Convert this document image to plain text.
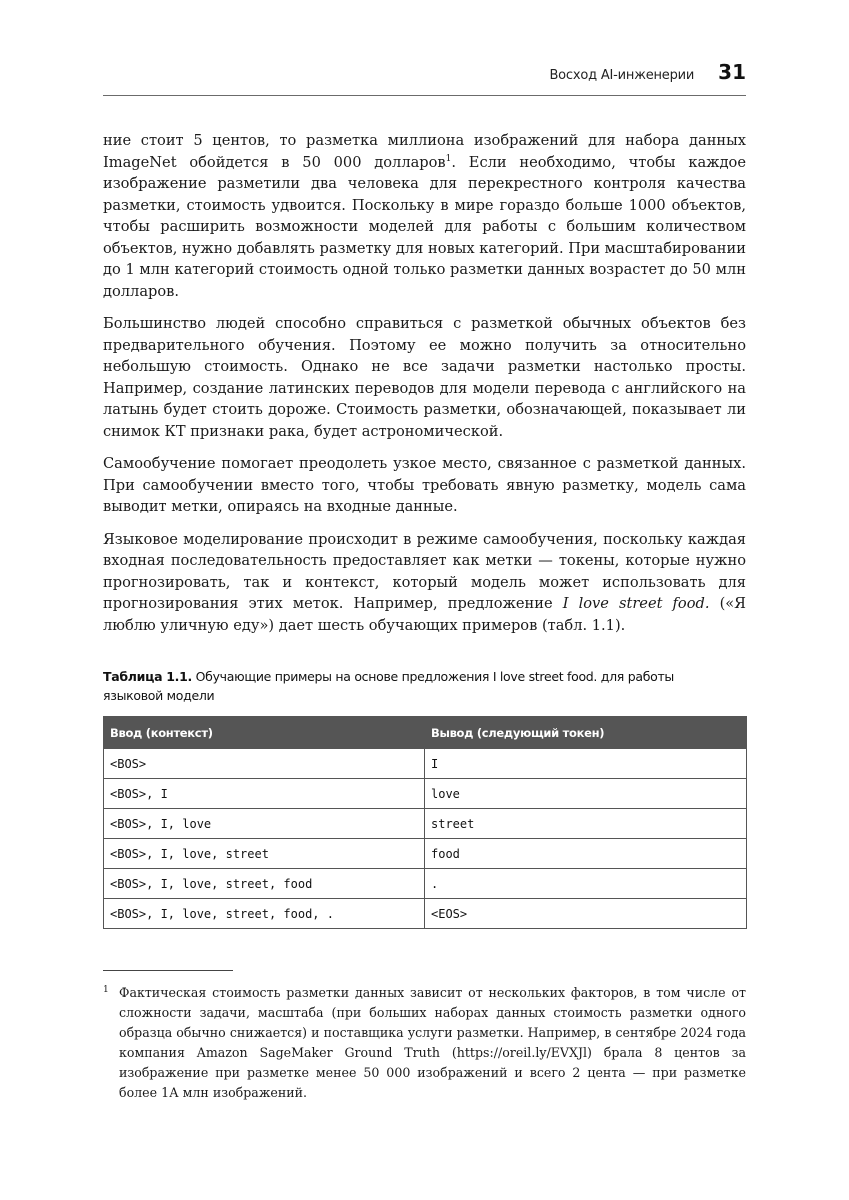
Восход AI-инженерии 31

ние стоит 5 центов, то разметка миллиона изображений для набора данных ImageNet обойдется в 50 000 долларов$^1$. Если необходимо, чтобы каждое изображение разметили два человека для перекрестного контроля качества разметки, стоимость удвоится. Поскольку в мире гораздо больше 1000 объектов, чтобы расширить возможности моделей для работы с большим количеством объектов, нужно добавлять разметку для новых категорий. При масштабировании до 1 млн категорий стоимость одной только разметки данных возрастет до 50 млн долларов.

Большинство людей способно справиться с разметкой обычных объектов без предварительного обучения. Поэтому ее можно получить за относительно небольшую стоимость. Однако не все задачи разметки настолько просты. Например, создание латинских переводов для модели перевода с английского на латынь будет стоить дороже. Стоимость разметки, обозначающей, показывает ли снимок КТ признаки рака, будет астрономической.

Самообучение помогает преодолеть узкое место, связанное с разметкой данных. При самообучении вместо того, чтобы требовать явную разметку, модель сама выводит метки, опираясь на входные данные.

Языковое моделирование происходит в режиме самообучения, поскольку каждая входная последовательность предоставляет как метки — токены, которые нужно прогнозировать, так и контекст, который модель может использовать для прогнозирования этих меток. Например, предложение I love street food. («Я люблю уличную еду») дает шесть обучающих примеров (табл. 1.1).

Таблица 1.1. Обучающие примеры на основе предложения I love street food. для работы языковой модели
Ввод (контекст)	Вывод (следующий токен)
<BOS>	I
<BOS>, I	love
<BOS>, I, love	street
<BOS>, I, love, street	food
<BOS>, I, love, street, food	.
<BOS>, I, love, street, food, .	<EOS>
1 Фактическая стоимость разметки данных зависит от нескольких факторов, в том числе от сложности задачи, масштаба (при больших наборах данных стоимость разметки одного образца обычно снижается) и поставщика услуги разметки. Например, в сентябре 2024 года компания Amazon SageMaker Ground Truth (https://oreil.ly/EVXJl) брала 8 центов за изображение при разметке менее 50 000 изображений и всего 2 цента — при разметке более 1А млн изображений.
